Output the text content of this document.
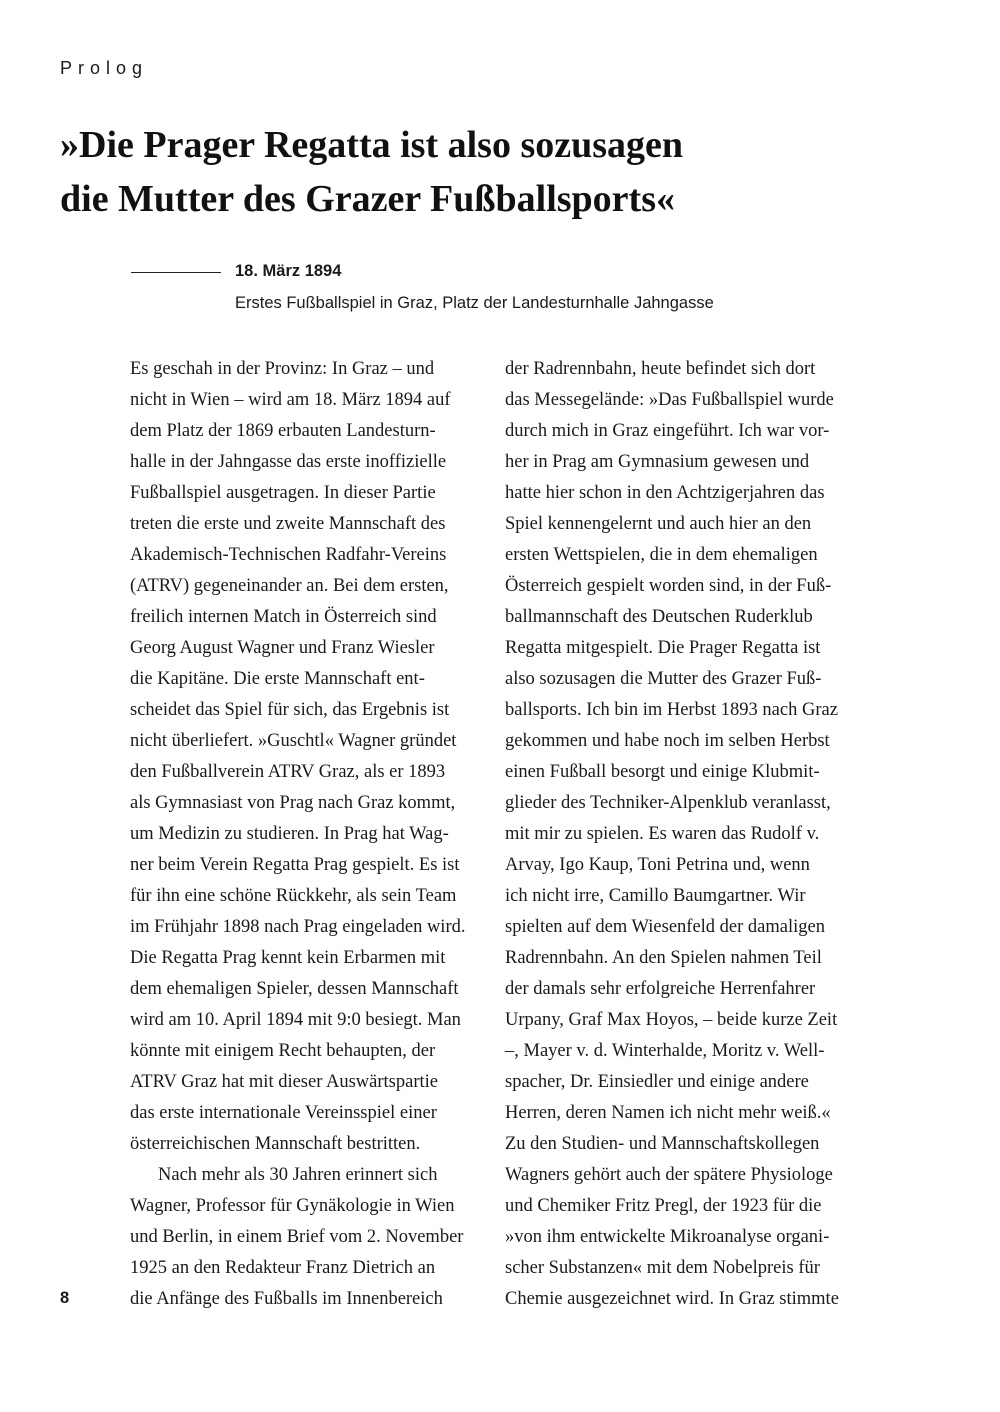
Prolog
»Die Prager Regatta ist also sozusagen
die Mutter des Grazer Fußballsports«
18. März 1894
Erstes Fußballspiel in Graz, Platz der Landesturnhalle Jahngasse
Es geschah in der Provinz: In Graz – und
nicht in Wien – wird am 18. März 1894 auf
dem Platz der 1869 erbauten Landesturn-
halle in der Jahngasse das erste inoffizielle
Fußballspiel ausgetragen. In dieser Partie
treten die erste und zweite Mannschaft des
Akademisch-Technischen Radfahr-Vereins
(ATRV) gegeneinander an. Bei dem ersten,
freilich internen Match in Österreich sind
Georg August Wagner und Franz Wiesler
die Kapitäne. Die erste Mannschaft ent-
scheidet das Spiel für sich, das Ergebnis ist
nicht überliefert. »Guschtl« Wagner gründet
den Fußballverein ATRV Graz, als er 1893
als Gymnasiast von Prag nach Graz kommt,
um Medizin zu studieren. In Prag hat Wag-
ner beim Verein Regatta Prag gespielt. Es ist
für ihn eine schöne Rückkehr, als sein Team
im Frühjahr 1898 nach Prag eingeladen wird.
Die Regatta Prag kennt kein Erbarmen mit
dem ehemaligen Spieler, dessen Mannschaft
wird am 10. April 1894 mit 9:0 besiegt. Man
könnte mit einigem Recht behaupten, der
ATRV Graz hat mit dieser Auswärtspartie
das erste internationale Vereinsspiel einer
österreichischen Mannschaft bestritten.
Nach mehr als 30 Jahren erinnert sich
Wagner, Professor für Gynäkologie in Wien
und Berlin, in einem Brief vom 2. November
1925 an den Redakteur Franz Dietrich an
die Anfänge des Fußballs im Innenbereich
der Radrennbahn, heute befindet sich dort
das Messegelände: »Das Fußballspiel wurde
durch mich in Graz eingeführt. Ich war vor-
her in Prag am Gymnasium gewesen und
hatte hier schon in den Achtzigerjahren das
Spiel kennengelernt und auch hier an den
ersten Wettspielen, die in dem ehemaligen
Österreich gespielt worden sind, in der Fuß-
ballmannschaft des Deutschen Ruderklub
Regatta mitgespielt. Die Prager Regatta ist
also sozusagen die Mutter des Grazer Fuß-
ballsports. Ich bin im Herbst 1893 nach Graz
gekommen und habe noch im selben Herbst
einen Fußball besorgt und einige Klubmit-
glieder des Techniker-Alpenklub veranlasst,
mit mir zu spielen. Es waren das Rudolf v.
Arvay, Igo Kaup, Toni Petrina und, wenn
ich nicht irre, Camillo Baumgartner. Wir
spielten auf dem Wiesenfeld der damaligen
Radrennbahn. An den Spielen nahmen Teil
der damals sehr erfolgreiche Herrenfahrer
Urpany, Graf Max Hoyos, – beide kurze Zeit
–, Mayer v. d. Winterhalde, Moritz v. Well-
spacher, Dr. Einsiedler und einige andere
Herren, deren Namen ich nicht mehr weiß.«
Zu den Studien- und Mannschaftskollegen
Wagners gehört auch der spätere Physiologe
und Chemiker Fritz Pregl, der 1923 für die
»von ihm entwickelte Mikroanalyse organi-
scher Substanzen« mit dem Nobelpreis für
Chemie ausgezeichnet wird. In Graz stimmte
8
